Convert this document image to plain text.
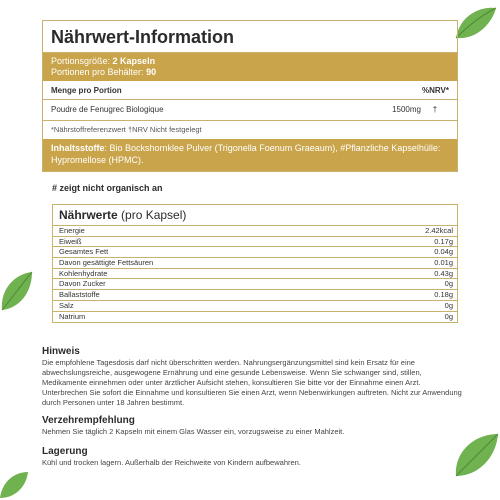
Nährwert-Information
Portionsgröße: 2 Kapseln
Portionen pro Behälter: 90
Menge pro Portion	%NRV*
Poudre de Fenugrec Biologique	1500mg	†
*Nährstoffreferenzwert †NRV Nicht festgelegt
Inhaltsstoffe: Bio Bockshornklee Pulver (Trigonella Foenum Graeaum), #Pflanzliche Kapselhülle: Hypromellose (HPMC).
# zeigt nicht organisch an
Nährwerte (pro Kapsel)
Energie	2.42kcal
Eiweiß	0.17g
Gesamtes Fett	0.04g
Davon gesättigte Fettsäuren	0.01g
Kohlenhydrate	0.43g
Davon Zucker	0g
Ballaststoffe	0.18g
Salz	0g
Natrium	0g
Hinweis
Die empfohlene Tagesdosis darf nicht überschritten werden. Nahrungsergänzungsmittel sind kein Ersatz für eine abwechslungsreiche, ausgewogene Ernährung und eine gesunde Lebensweise. Wenn Sie schwanger sind, stillen, Medikamente einnehmen oder unter ärztlicher Aufsicht stehen, konsultieren Sie bitte vor der Einnahme einen Arzt. Unterbrechen Sie sofort die Einnahme und konsultieren Sie einen Arzt, wenn Nebenwirkungen auftreten. Nicht zur Anwendung durch Personen unter 18 Jahren bestimmt.
Verzehrempfehlung
Nehmen Sie täglich 2 Kapseln mit einem Glas Wasser ein, vorzugsweise zu einer Mahlzeit.
Lagerung
Kühl und trocken lagern. Außerhalb der Reichweite von Kindern aufbewahren.
